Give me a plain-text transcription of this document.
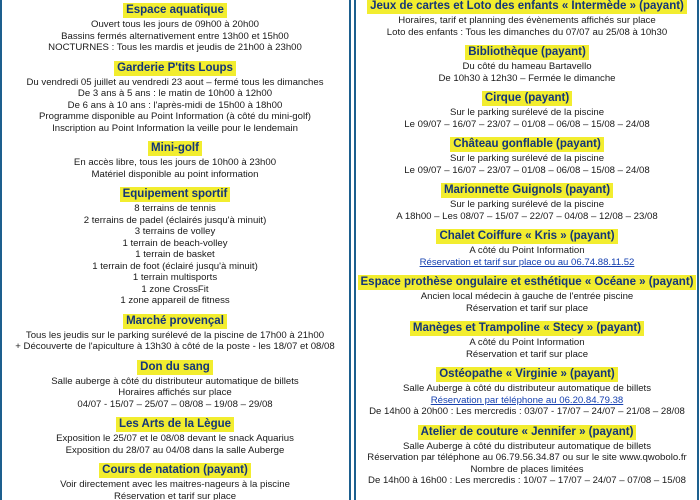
Espace aquatique
Ouvert tous les jours de 09h00 à 20h00
Bassins fermés alternativement entre 13h00 et 15h00
NOCTURNES : Tous les mardis et jeudis de 21h00 à 23h00
Garderie P'tits Loups
Du vendredi 05 juillet au vendredi 23 aout – fermé tous les dimanches
De 3 ans à 5 ans : le matin de 10h00 à 12h00
De 6 ans à 10 ans : l'après-midi de 15h00 à 18h00
Programme disponible au Point Information (à côté du mini-golf)
Inscription au Point Information la veille pour le lendemain
Mini-golf
En accès libre, tous les jours de 10h00 à 23h00
Matériel disponible au point information
Equipement sportif
8 terrains de tennis
2 terrains de padel (éclairés jusqu'à minuit)
3 terrains de volley
1 terrain de beach-volley
1 terrain de basket
1 terrain de foot (éclairé jusqu'à minuit)
1 terrain multisports
1 zone CrossFit
1 zone appareil de fitness
Marché provençal
Tous les jeudis sur le parking surélevé de la piscine de 17h00 à 21h00
+ Découverte de l'apiculture à 13h30 à côté de la poste - les 18/07 et 08/08
Don du sang
Salle auberge à côté du distributeur automatique de billets
Horaires affichés sur place
04/07 - 15/07 – 25/07 – 08/08 – 19/08 – 29/08
Les Arts de la Lègue
Exposition le 25/07 et le 08/08 devant le snack Aquarius
Exposition du 28/07 au 04/08 dans la salle Auberge
Cours de natation (payant)
Voir directement avec les maitres-nageurs à la piscine
Réservation et tarif sur place
Jeux de cartes et Loto des enfants « Intermède » (payant)
Horaires, tarif et planning des évènements affichés sur place
Loto des enfants : Tous les dimanches du 07/07 au 25/08 à 10h30
Bibliothèque (payant)
Du côté du hameau Bartavello
De 10h30 à 12h30 – Fermée le dimanche
Cirque (payant)
Sur le parking surélevé de la piscine
Le 09/07 – 16/07 – 23/07 – 01/08 – 06/08 – 15/08 – 24/08
Château gonflable (payant)
Sur le parking surélevé de la piscine
Le 09/07 – 16/07 – 23/07 – 01/08 – 06/08 – 15/08 – 24/08
Marionnette Guignols (payant)
Sur le parking surélevé de la piscine
A 18h00 – Les 08/07 – 15/07 – 22/07 – 04/08 – 12/08 – 23/08
Chalet Coiffure « Kris » (payant)
A côté du Point Information
Réservation et tarif sur place ou au 06.74.88.11.52
Espace prothèse ongulaire et esthétique « Océane » (payant)
Ancien local médecin à gauche de l'entrée piscine
Réservation et tarif sur place
Manèges et Trampoline « Stecy » (payant)
A côté du Point Information
Réservation et tarif sur place
Ostéopathe « Virginie » (payant)
Salle Auberge à côté du distributeur automatique de billets
Réservation par téléphone au 06.20.84.79.38
De 14h00 à 20h00 : Les mercredis : 03/07 - 17/07 – 24/07 – 21/08 – 28/08
Atelier de couture « Jennifer » (payant)
Salle Auberge à côté du distributeur automatique de billets
Réservation par téléphone au 06.79.56.34.87 ou sur le site www.qwobolo.fr
Nombre de places limitées
De 14h00 à 16h00 : Les mercredis : 10/07 – 17/07 – 24/07 – 07/08 – 15/08
